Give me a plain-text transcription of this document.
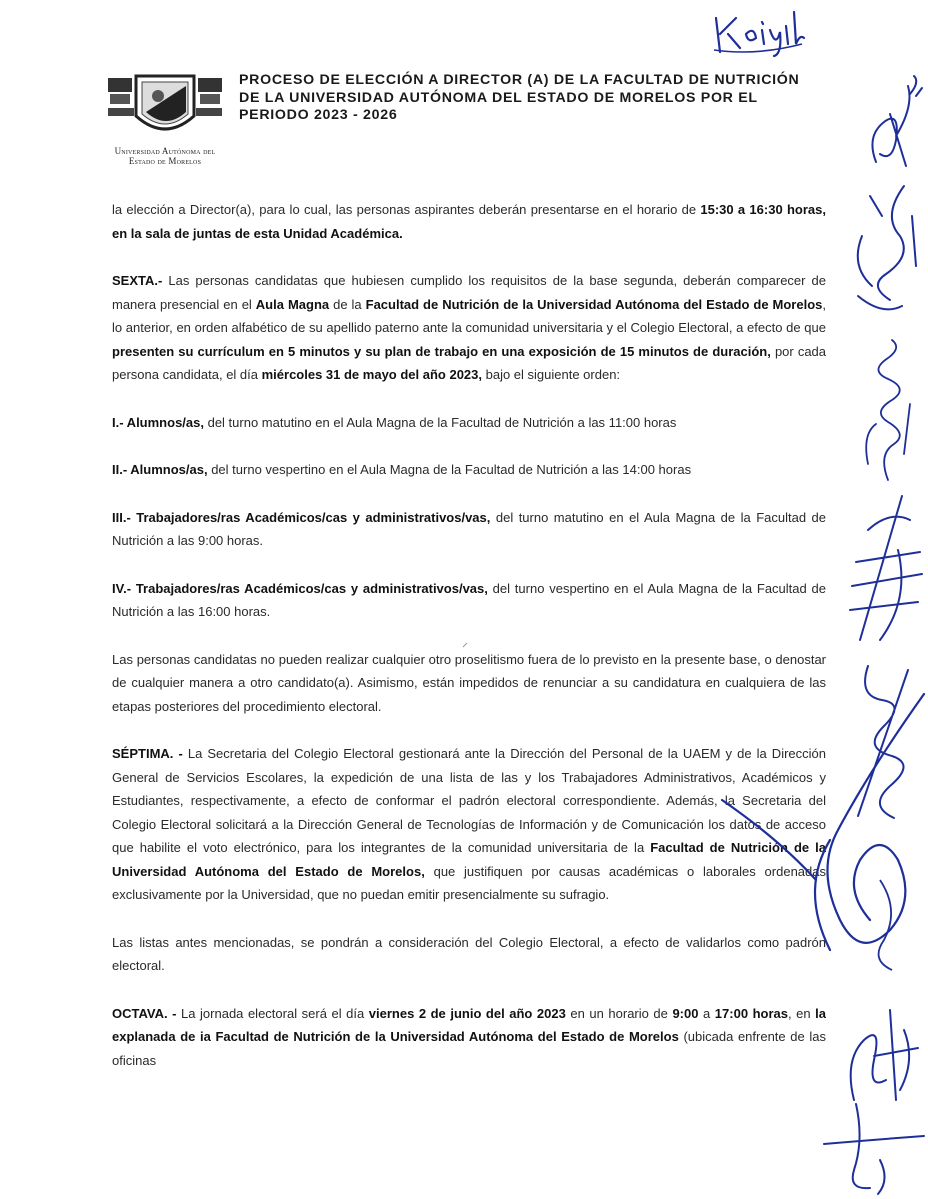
Universidad Autónoma del
Estado de Morelos
PROCESO DE ELECCIÓN A DIRECTOR (A) DE LA FACULTAD DE NUTRICIÓN
DE LA UNIVERSIDAD AUTÓNOMA DEL ESTADO DE MORELOS POR EL
PERIODO 2023 - 2026

la elección a Director(a), para lo cual, las personas aspirantes deberán presentarse en el horario de 15:30 a 16:30 horas, en la sala de juntas de esta Unidad Académica.

SEXTA.- Las personas candidatas que hubiesen cumplido los requisitos de la base segunda, deberán comparecer de manera presencial en el Aula Magna de la Facultad de Nutrición de la Universidad Autónoma del Estado de Morelos, lo anterior, en orden alfabético de su apellido paterno ante la comunidad universitaria y el Colegio Electoral, a efecto de que presenten su currículum en 5 minutos y su plan de trabajo en una exposición de 15 minutos de duración, por cada persona candidata, el día miércoles 31 de mayo del año 2023, bajo el siguiente orden:

I.- Alumnos/as, del turno matutino en el Aula Magna de la Facultad de Nutrición a las 11:00 horas

II.- Alumnos/as, del turno vespertino en el Aula Magna de la Facultad de Nutrición a las 14:00 horas

III.- Trabajadores/ras Académicos/cas y administrativos/vas, del turno matutino en el Aula Magna de la Facultad de Nutrición a las 9:00 horas.

IV.- Trabajadores/ras Académicos/cas y administrativos/vas, del turno vespertino en el Aula Magna de la Facultad de Nutrición a las 16:00 horas.

Las personas candidatas no pueden realizar cualquier otro proselitismo fuera de lo previsto en la presente base, o denostar de cualquier manera a otro candidato(a). Asimismo, están impedidos de renunciar a su candidatura en cualquiera de las etapas posteriores del procedimiento electoral.

SÉPTIMA. - La Secretaria del Colegio Electoral gestionará ante la Dirección del Personal de la UAEM y de la Dirección General de Servicios Escolares, la expedición de una lista de las y los Trabajadores Administrativos, Académicos y Estudiantes, respectivamente, a efecto de conformar el padrón electoral correspondiente. Además, la Secretaria del Colegio Electoral solicitará a la Dirección General de Tecnologías de Información y de Comunicación los datos de acceso que habilite el voto electrónico, para los integrantes de la comunidad universitaria de la Facultad de Nutrición de la Universidad Autónoma del Estado de Morelos, que justifiquen por causas académicas o laborales ordenadas exclusivamente por la Universidad, que no puedan emitir presencialmente su sufragio.

Las listas antes mencionadas, se pondrán a consideración del Colegio Electoral, a efecto de validarlos como padrón electoral.

OCTAVA. - La jornada electoral será el día viernes 2 de junio del año 2023 en un horario de 9:00 a 17:00 horas, en la explanada de ia Facultad de Nutrición de la Universidad Autónoma del Estado de Morelos (ubicada enfrente de las oficinas
